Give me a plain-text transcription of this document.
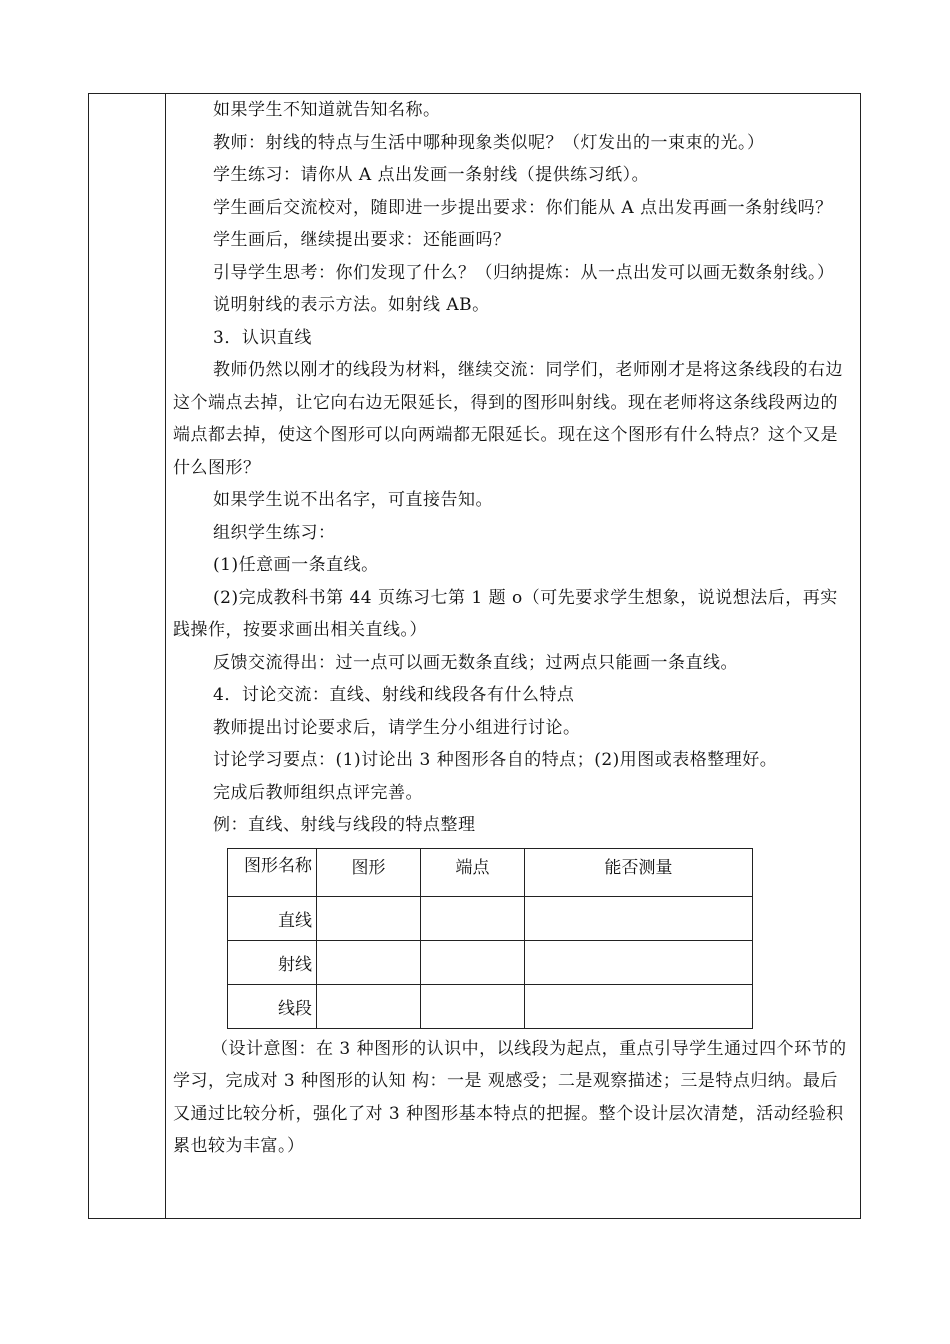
如果学生不知道就告知名称。

教师：射线的特点与生活中哪种现象类似呢？（灯发出的一束束的光。）

学生练习：请你从 A 点出发画一条射线（提供练习纸）。

学生画后交流校对，随即进一步提出要求：你们能从 A 点出发再画一条射线吗？

学生画后，继续提出要求：还能画吗？

引导学生思考：你们发现了什么？（归纳提炼：从一点出发可以画无数条射线。）

说明射线的表示方法。如射线 AB。

3．认识直线

教师仍然以刚才的线段为材料，继续交流：同学们，老师刚才是将这条线段的右边这个端点去掉，让它向右边无限延长，得到的图形叫射线。现在老师将这条线段两边的端点都去掉，使这个图形可以向两端都无限延长。现在这个图形有什么特点？这个又是什么图形？

如果学生说不出名字，可直接告知。

组织学生练习：

(1)任意画一条直线。

(2)完成教科书第 44 页练习七第 1 题 o（可先要求学生想象，说说想法后，再实践操作，按要求画出相关直线。）

反馈交流得出：过一点可以画无数条直线；过两点只能画一条直线。

4．讨论交流：直线、射线和线段各有什么特点

教师提出讨论要求后，请学生分小组进行讨论。

讨论学习要点：(1)讨论出 3 种图形各自的特点；(2)用图或表格整理好。

完成后教师组织点评完善。

例：直线、射线与线段的特点整理

图形名称	图形	端点	能否测量
直线			
射线			
线段			

（设计意图：在 3 种图形的认识中，以线段为起点，重点引导学生通过四个环节的学习，完成对 3 种图形的认知 构：一是 观感受；二是观察描述；三是特点归纳。最后又通过比较分析，强化了对 3 种图形基本特点的把握。整个设计层次清楚，活动经验积累也较为丰富。）
